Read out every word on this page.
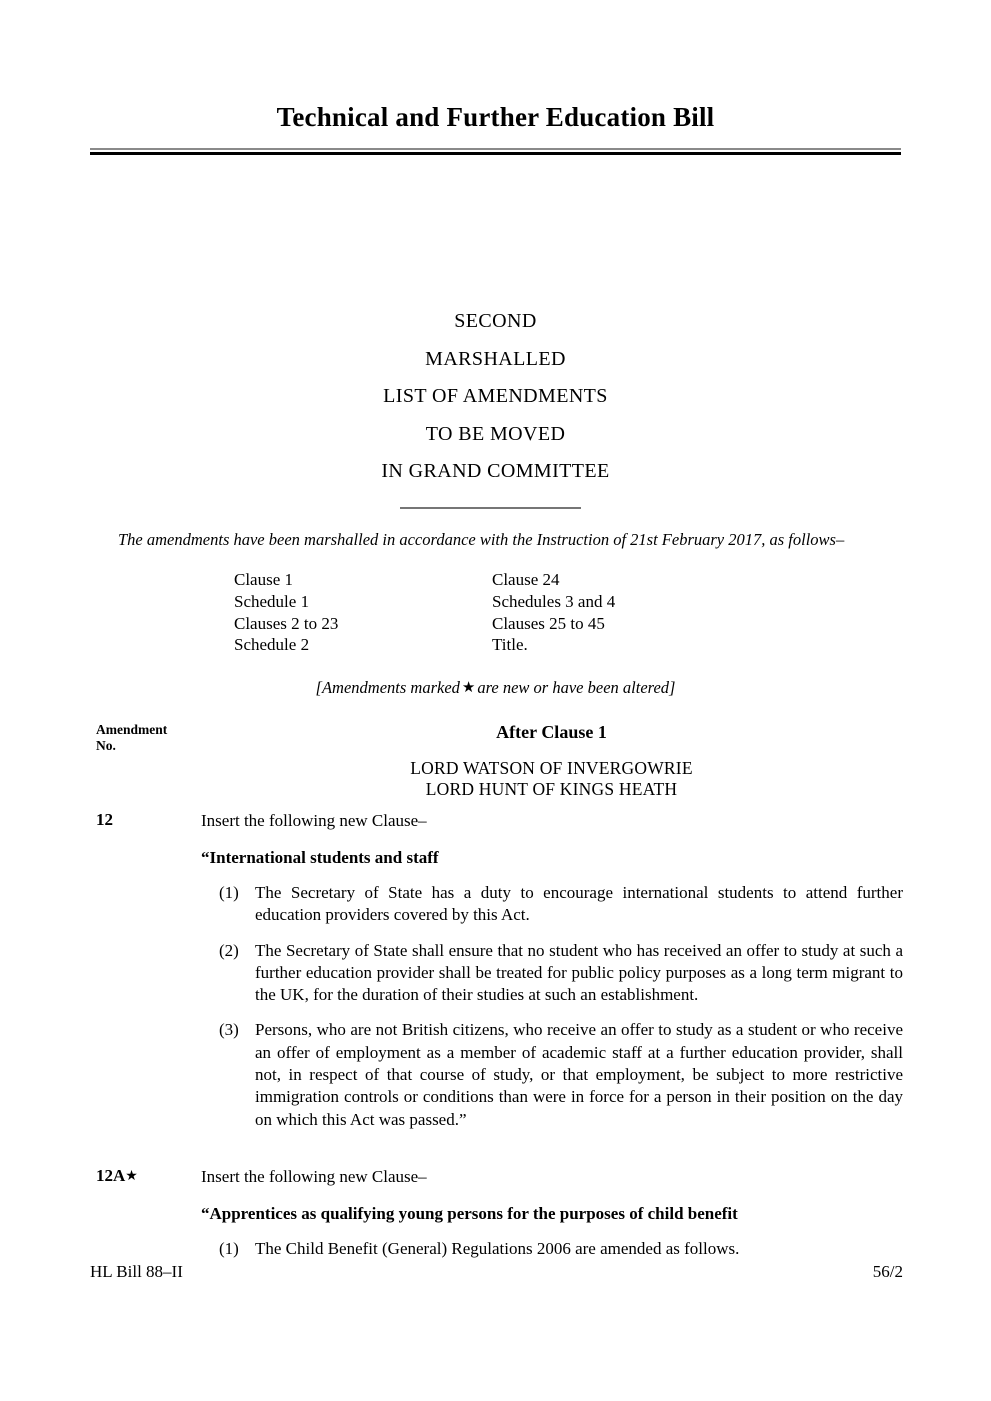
Technical and Further Education Bill
SECOND
MARSHALLED
LIST OF AMENDMENTS
TO BE MOVED
IN GRAND COMMITTEE
The amendments have been marshalled in accordance with the Instruction of 21st February 2017, as follows–
Clause 1	Clause 24
Schedule 1	Schedules 3 and 4
Clauses 2 to 23	Clauses 25 to 45
Schedule 2	Title.
[Amendments marked ★ are new or have been altered]
Amendment
No.
After Clause 1
LORD WATSON OF INVERGOWRIE
LORD HUNT OF KINGS HEATH
12	Insert the following new Clause–
“International students and staff
(1) The Secretary of State has a duty to encourage international students to attend further education providers covered by this Act.
(2) The Secretary of State shall ensure that no student who has received an offer to study at such a further education provider shall be treated for public policy purposes as a long term migrant to the UK, for the duration of their studies at such an establishment.
(3) Persons, who are not British citizens, who receive an offer to study as a student or who receive an offer of employment as a member of academic staff at a further education provider, shall not, in respect of that course of study, or that employment, be subject to more restrictive immigration controls or conditions than were in force for a person in their position on the day on which this Act was passed.”
12A★	Insert the following new Clause–
“Apprentices as qualifying young persons for the purposes of child benefit
(1) The Child Benefit (General) Regulations 2006 are amended as follows.
HL Bill 88–II	56/2
